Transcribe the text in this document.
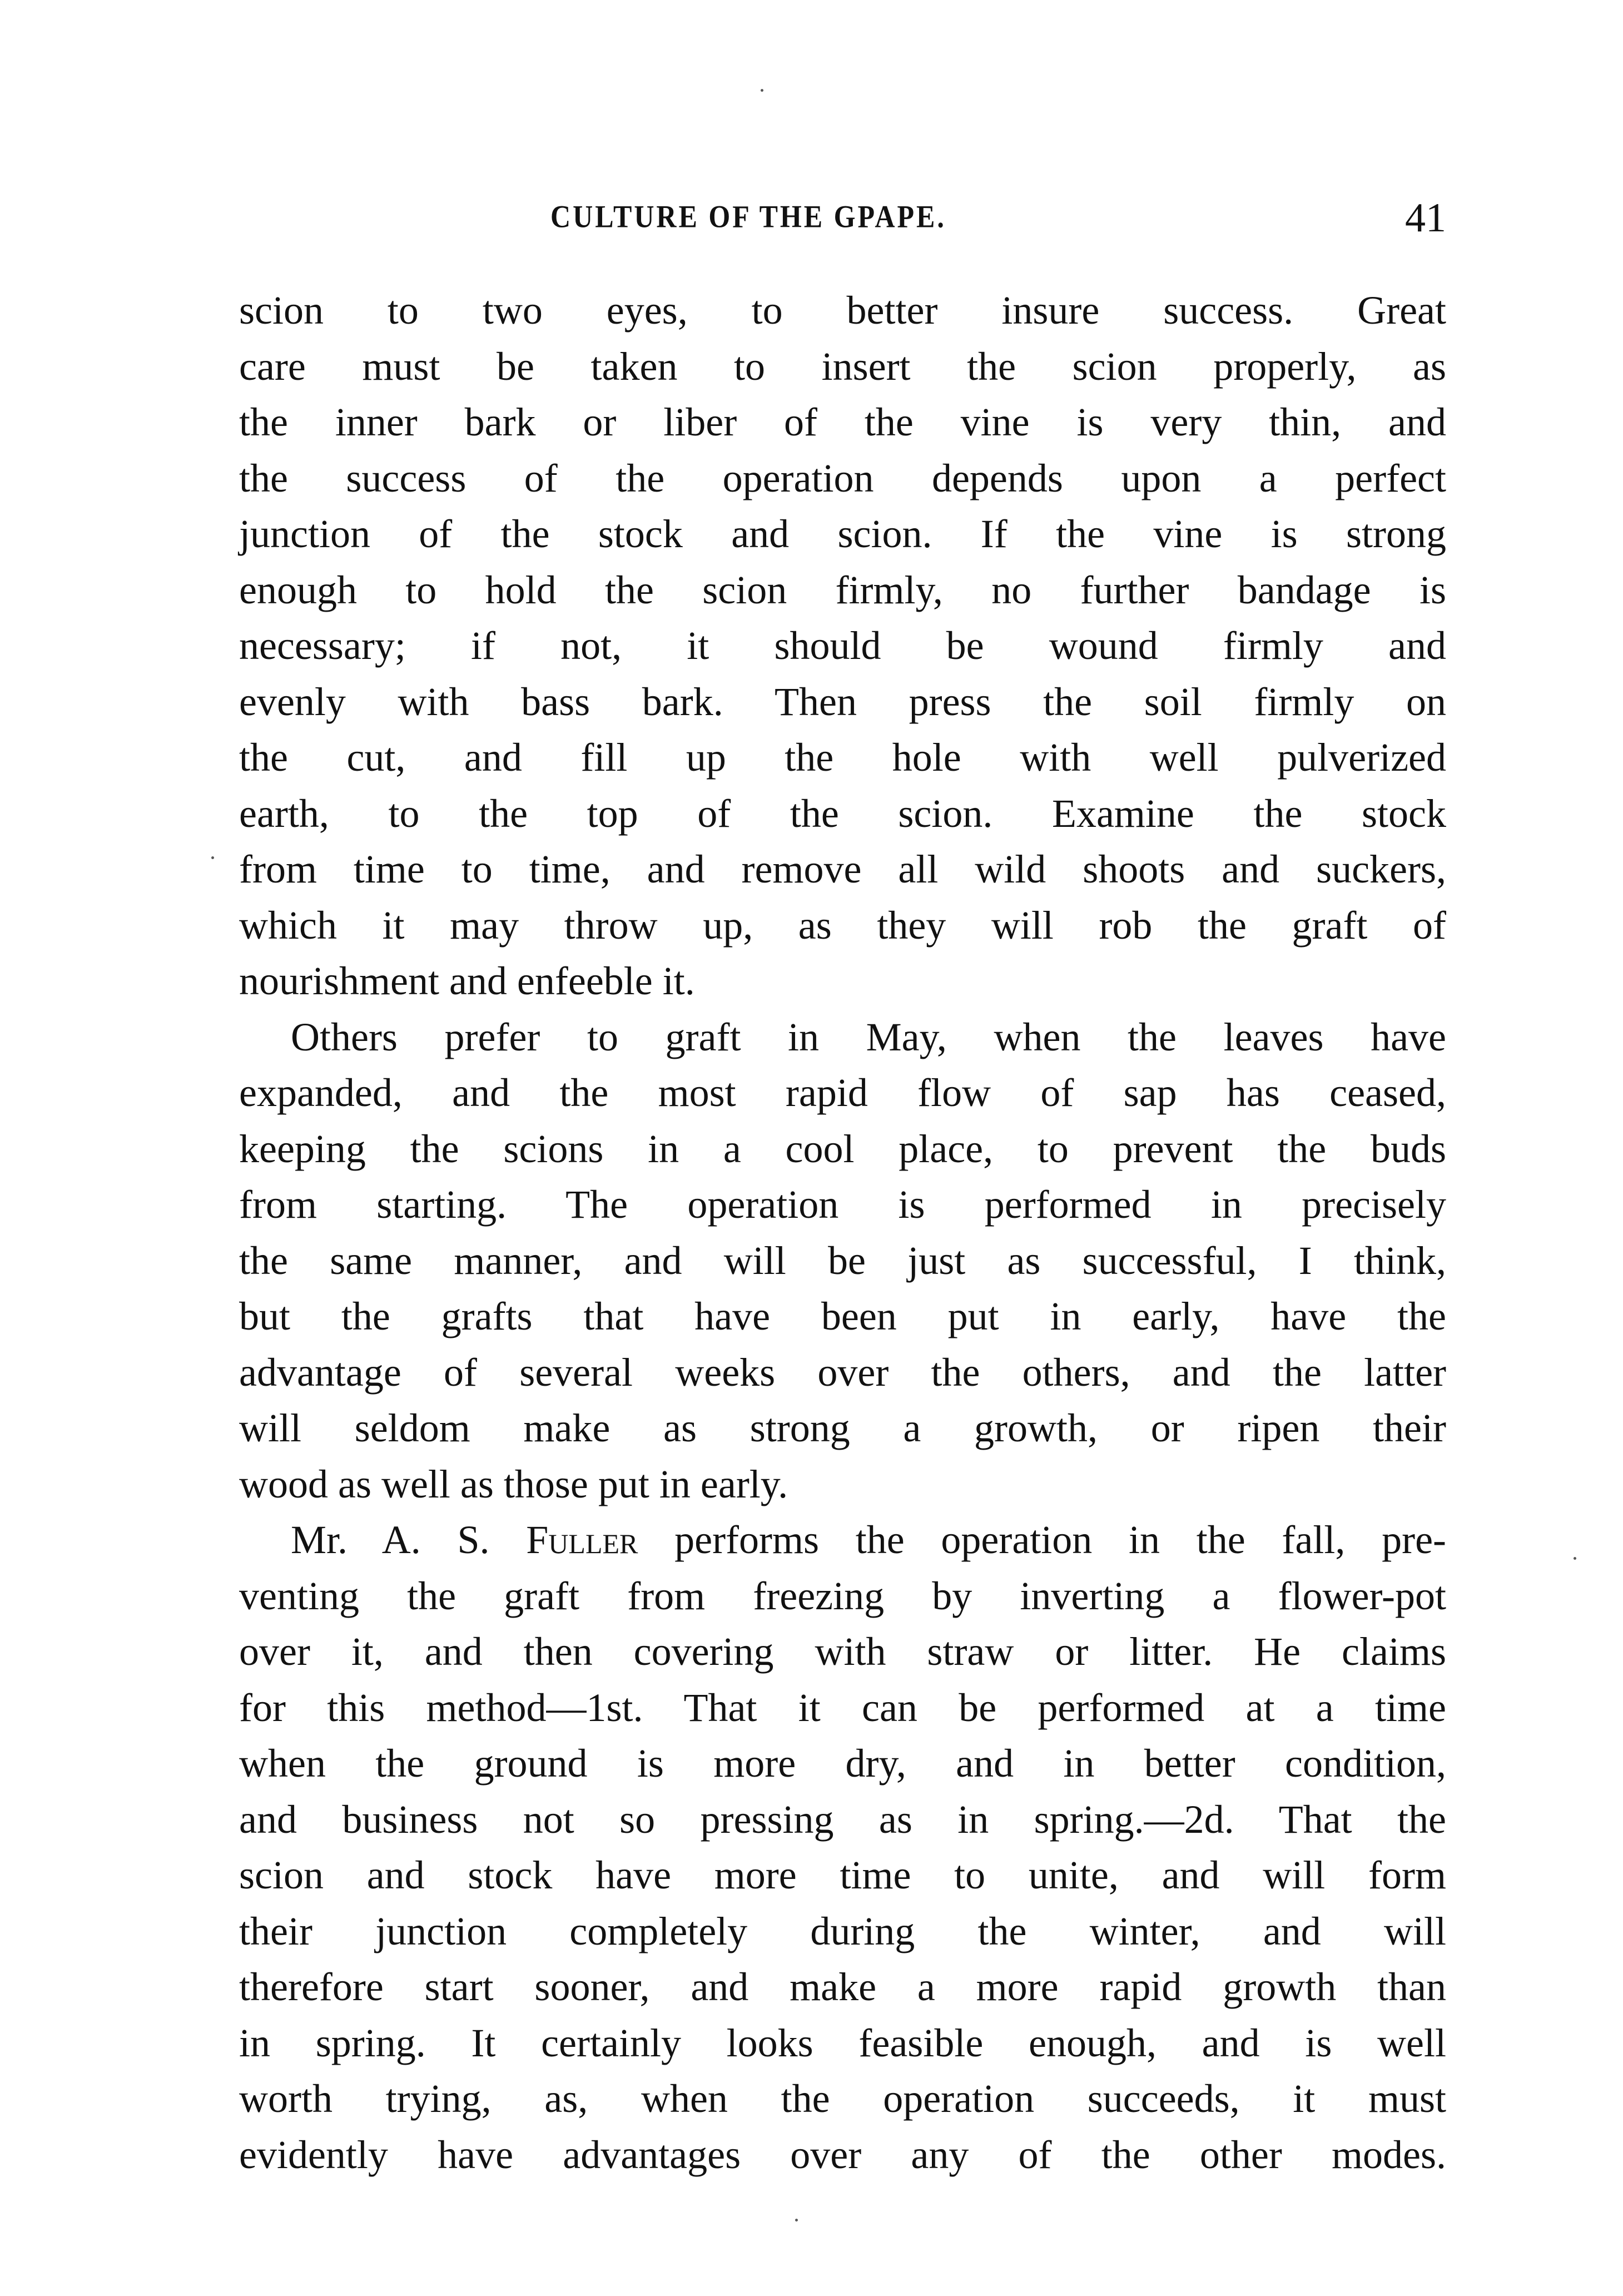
CULTURE OF THE GPAPE.	41
scion to two eyes, to better insure success. Great
care must be taken to insert the scion properly, as
the inner bark or liber of the vine is very thin, and
the success of the operation depends upon a perfect
junction of the stock and scion. If the vine is strong
enough to hold the scion firmly, no further bandage is
necessary; if not, it should be wound firmly and
evenly with bass bark. Then press the soil firmly on
the cut, and fill up the hole with well pulverized
earth, to the top of the scion. Examine the stock
from time to time, and remove all wild shoots and suckers,
which it may throw up, as they will rob the graft of
nourishment and enfeeble it.
Others prefer to graft in May, when the leaves have
expanded, and the most rapid flow of sap has ceased,
keeping the scions in a cool place, to prevent the buds
from starting. The operation is performed in precisely
the same manner, and will be just as successful, I think,
but the grafts that have been put in early, have the
advantage of several weeks over the others, and the latter
will seldom make as strong a growth, or ripen their
wood as well as those put in early.
Mr. A. S. Fuller performs the operation in the fall, pre-
venting the graft from freezing by inverting a flower-pot
over it, and then covering with straw or litter. He claims
for this method—1st. That it can be performed at a time
when the ground is more dry, and in better condition,
and business not so pressing as in spring.—2d. That the
scion and stock have more time to unite, and will form
their junction completely during the winter, and will
therefore start sooner, and make a more rapid growth than
in spring. It certainly looks feasible enough, and is well
worth trying, as, when the operation succeeds, it must
evidently have advantages over any of the other modes.
